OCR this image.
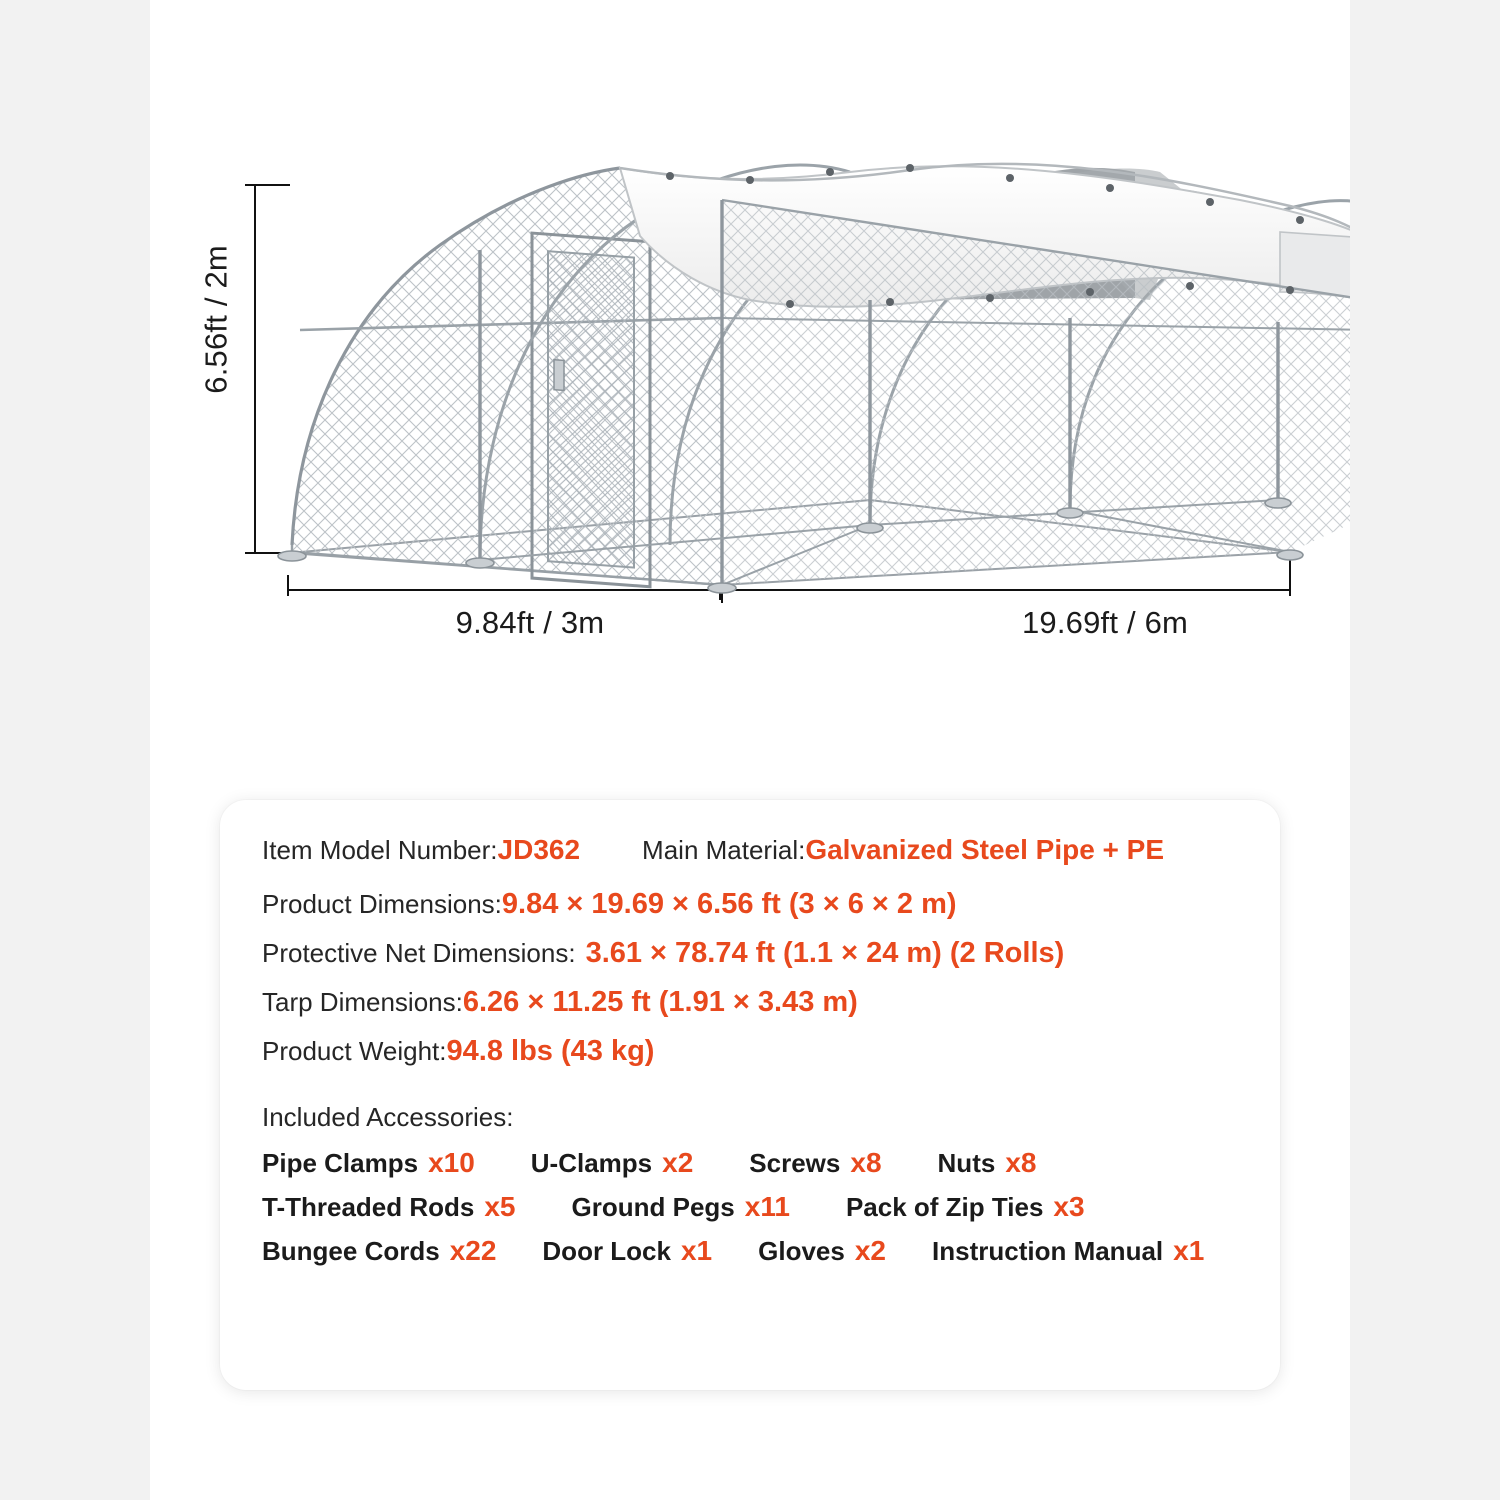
6.56ft / 2m
9.84ft / 3m	19.69ft / 6m
Item Model Number: JD362 Main Material: Galvanized Steel Pipe + PE
Product Dimensions: 9.84 × 19.69 × 6.56 ft (3 × 6 × 2 m)
Protective Net Dimensions: 3.61 × 78.74 ft (1.1 × 24 m) (2 Rolls)
Tarp Dimensions: 6.26 × 11.25 ft (1.91 × 3.43 m)
Product Weight: 94.8 lbs (43 kg)
Included Accessories:
Pipe Clamps x10 U-Clamps x2 Screws x8 Nuts x8
T-Threaded Rods x5 Ground Pegs x11 Pack of Zip Ties x3
Bungee Cords x22 Door Lock x1 Gloves x2 Instruction Manual x1
